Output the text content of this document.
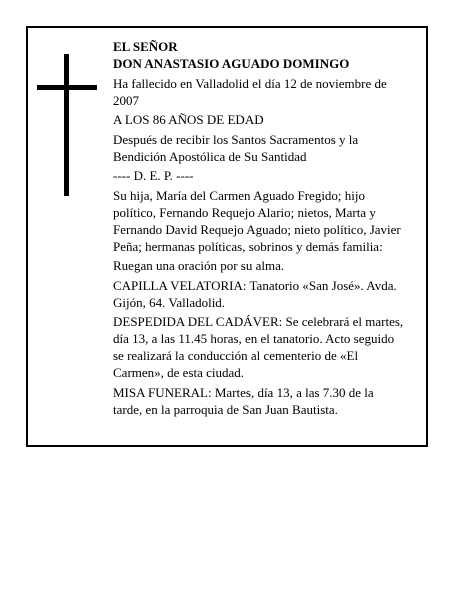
EL SEÑOR
DON ANASTASIO AGUADO DOMINGO
Ha fallecido en Valladolid el día 12 de noviembre de
2007
A LOS 86 AÑOS DE EDAD
Después de recibir los Santos Sacramentos y la
Bendición Apostólica de Su Santidad
---- D. E. P. ----
Su hija, María del Carmen Aguado Fregido; hijo
político, Fernando Requejo Alario; nietos, Marta y
Fernando David Requejo Aguado; nieto político, Javier
Peña; hermanas políticas, sobrinos y demás familia:
Ruegan una oración por su alma.
CAPILLA VELATORIA: Tanatorio «San José». Avda.
Gijón, 64. Valladolid.
DESPEDIDA DEL CADÁVER: Se celebrará el martes,
día 13, a las 11.45 horas, en el tanatorio. Acto seguido
se realizará la conducción al cementerio de «El
Carmen», de esta ciudad.
MISA FUNERAL: Martes, día 13, a las 7.30 de la
tarde, en la parroquia de San Juan Bautista.
